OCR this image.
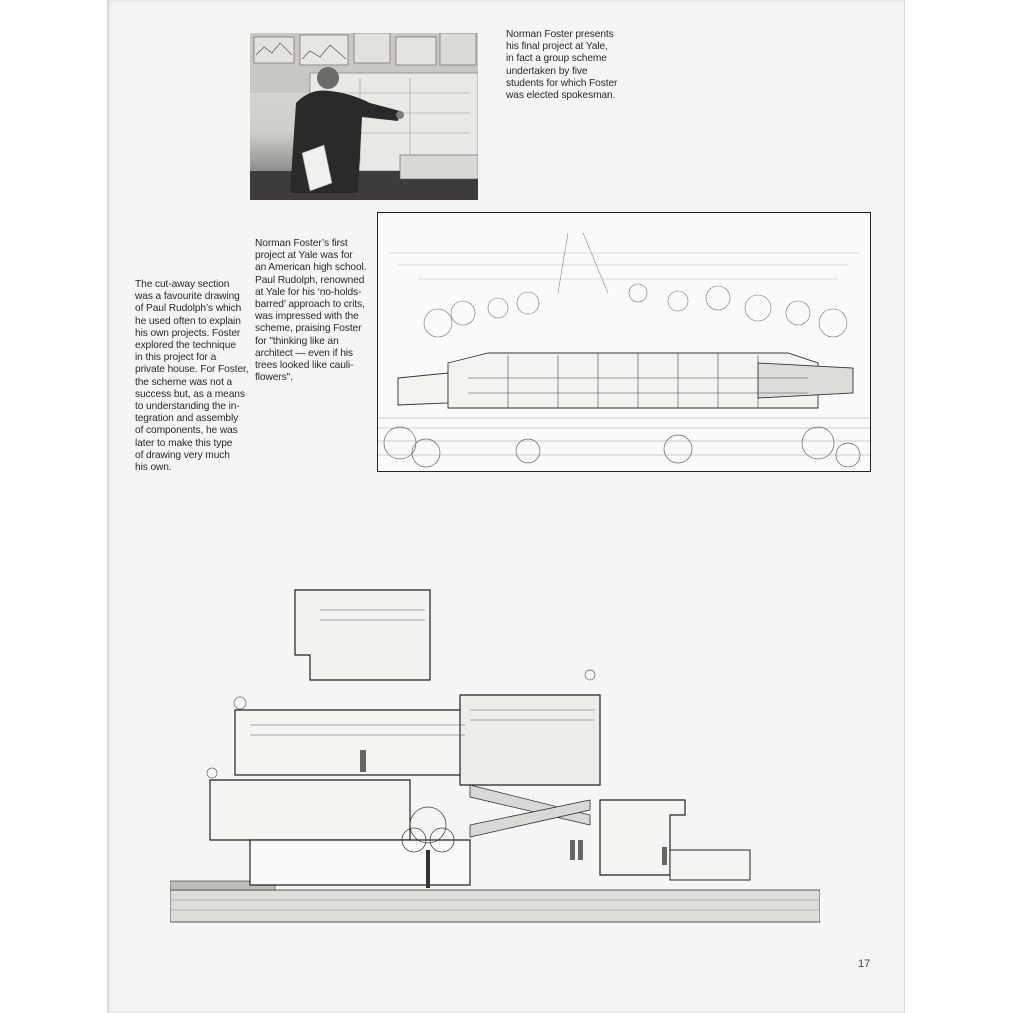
Norman Foster presents
his final project at Yale,
in fact a group scheme
undertaken by five
students for which Foster
was elected spokesman.

Norman Foster’s first
project at Yale was for
an American high school.
Paul Rudolph, renowned
at Yale for his ‘no-holds-
barred’ approach to crits,
was impressed with the
scheme, praising Foster
for "thinking like an
architect — even if his
trees looked like cauli-
flowers".

The cut-away section
was a favourite drawing
of Paul Rudolph’s which
he used often to explain
his own projects. Foster
explored the technique
in this project for a
private house. For Foster,
the scheme was not a
success but, as a means
to understanding the in-
tegration and assembly
of components, he was
later to make this type
of drawing very much
his own.

17
